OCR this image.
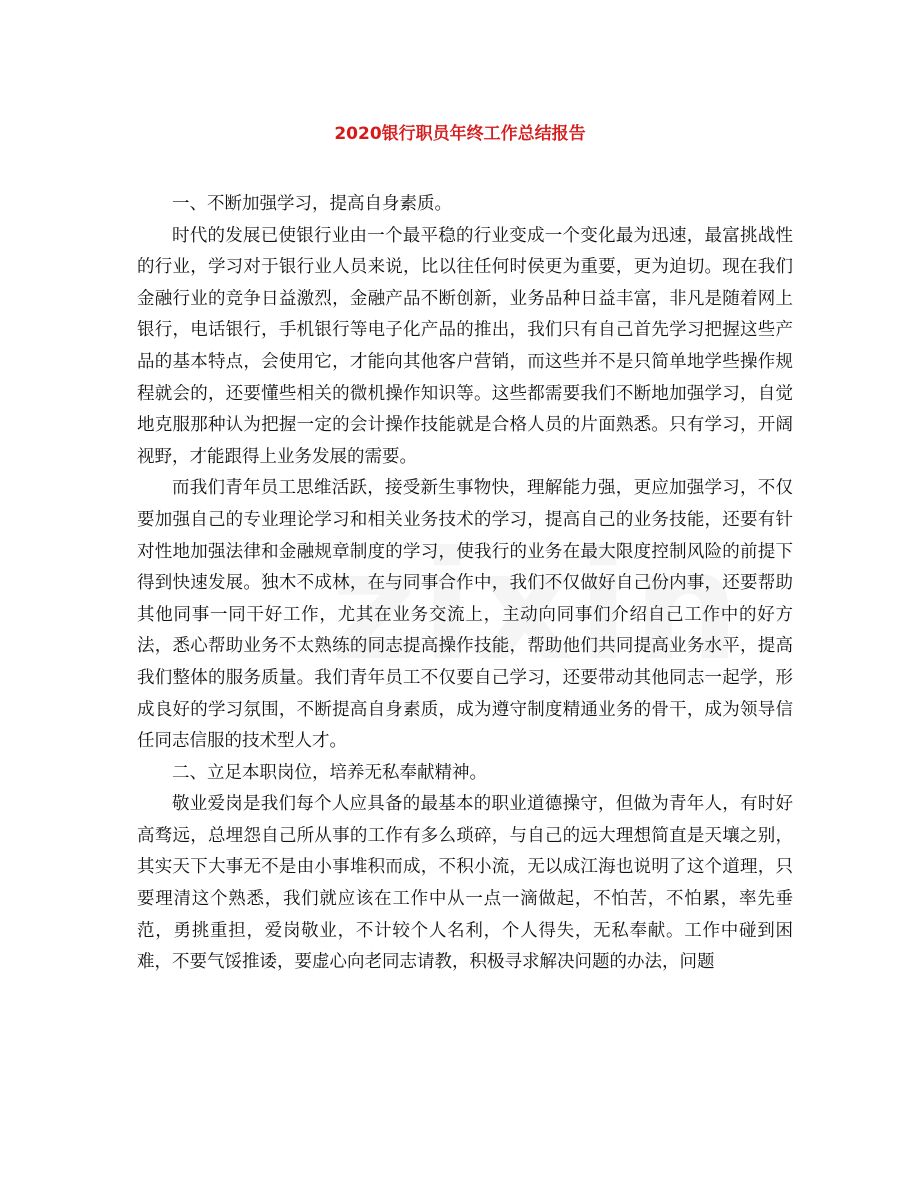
2020银行职员年终工作总结报告

一、不断加强学习，提高自身素质。

时代的发展已使银行业由一个最平稳的行业变成一个变化最为迅速，最富挑战性的行业，学习对于银行业人员来说，比以往任何时侯更为重要，更为迫切。现在我们金融行业的竞争日益激烈，金融产品不断创新，业务品种日益丰富，非凡是随着网上银行，电话银行，手机银行等电子化产品的推出，我们只有自己首先学习把握这些产品的基本特点，会使用它，才能向其他客户营销，而这些并不是只简单地学些操作规程就会的，还要懂些相关的微机操作知识等。这些都需要我们不断地加强学习，自觉地克服那种认为把握一定的会计操作技能就是合格人员的片面熟悉。只有学习，开阔视野，才能跟得上业务发展的需要。

而我们青年员工思维活跃，接受新生事物快，理解能力强，更应加强学习，不仅要加强自己的专业理论学习和相关业务技术的学习，提高自己的业务技能，还要有针对性地加强法律和金融规章制度的学习，使我行的业务在最大限度控制风险的前提下得到快速发展。独木不成林，在与同事合作中，我们不仅做好自己份内事，还要帮助其他同事一同干好工作，尤其在业务交流上，主动向同事们介绍自己工作中的好方法，悉心帮助业务不太熟练的同志提高操作技能，帮助他们共同提高业务水平，提高我们整体的服务质量。我们青年员工不仅要自己学习，还要带动其他同志一起学，形成良好的学习氛围，不断提高自身素质，成为遵守制度精通业务的骨干，成为领导信任同志信服的技术型人才。

二、立足本职岗位，培养无私奉献精神。

敬业爱岗是我们每个人应具备的最基本的职业道德操守，但做为青年人，有时好高骛远，总埋怨自己所从事的工作有多么琐碎，与自己的远大理想简直是天壤之别，其实天下大事无不是由小事堆积而成，不积小流，无以成江海也说明了这个道理，只要理清这个熟悉，我们就应该在工作中从一点一滴做起，不怕苦，不怕累，率先垂范，勇挑重担，爱岗敬业，不计较个人名利，个人得失，无私奉献。工作中碰到困难，不要气馁推诿，要虚心向老同志请教，积极寻求解决问题的办法，问题
